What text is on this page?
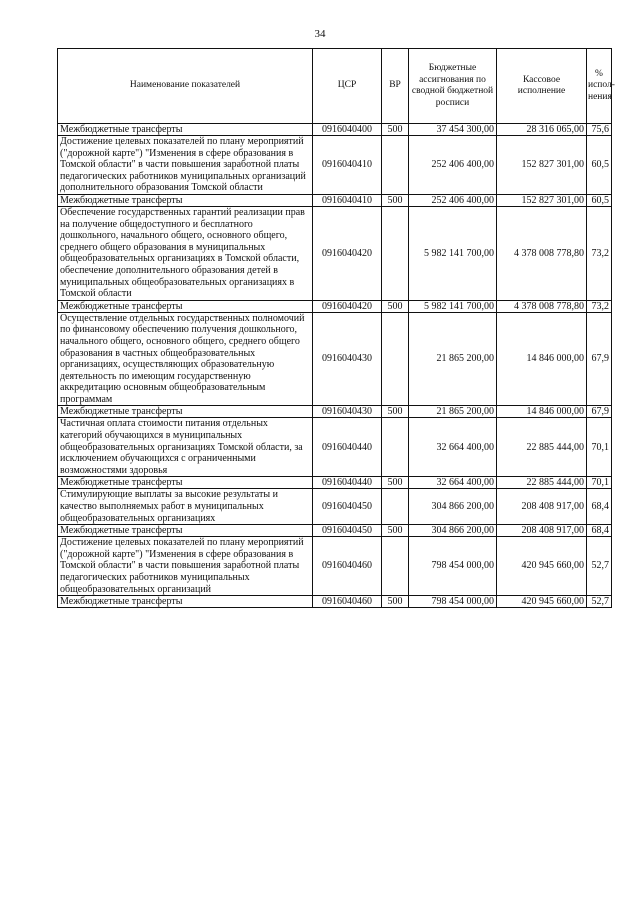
34
Наименование показателей	ЦСР	ВР	Бюджетные ассигнования по сводной бюджетной росписи	Кассовое исполнение	% испол-нения
Межбюджетные трансферты	0916040400	500	37 454 300,00	28 316 065,00	75,6
Достижение целевых показателей по плану мероприятий ("дорожной карте") "Изменения в сфере образования в Томской области" в части повышения заработной платы педагогических работников муниципальных организаций дополнительного образования Томской области	0916040410		252 406 400,00	152 827 301,00	60,5
Межбюджетные трансферты	0916040410	500	252 406 400,00	152 827 301,00	60,5
Обеспечение государственных гарантий реализации прав на получение общедоступного и бесплатного дошкольного, начального общего, основного общего, среднего общего образования в муниципальных общеобразовательных организациях в Томской области, обеспечение дополнительного образования детей в муниципальных общеобразовательных организациях в Томской области	0916040420		5 982 141 700,00	4 378 008 778,80	73,2
Межбюджетные трансферты	0916040420	500	5 982 141 700,00	4 378 008 778,80	73,2
Осуществление отдельных государственных полномочий по финансовому обеспечению получения дошкольного, начального общего, основного общего, среднего общего образования в частных общеобразовательных организациях, осуществляющих образовательную деятельность по имеющим государственную аккредитацию основным общеобразовательным программам	0916040430		21 865 200,00	14 846 000,00	67,9
Межбюджетные трансферты	0916040430	500	21 865 200,00	14 846 000,00	67,9
Частичная оплата стоимости питания отдельных категорий обучающихся в муниципальных общеобразовательных организациях Томской области, за исключением обучающихся с ограниченными возможностями здоровья	0916040440		32 664 400,00	22 885 444,00	70,1
Межбюджетные трансферты	0916040440	500	32 664 400,00	22 885 444,00	70,1
Стимулирующие выплаты за высокие результаты и качество выполняемых работ в муниципальных общеобразовательных организациях	0916040450		304 866 200,00	208 408 917,00	68,4
Межбюджетные трансферты	0916040450	500	304 866 200,00	208 408 917,00	68,4
Достижение целевых показателей по плану мероприятий ("дорожной карте") "Изменения в сфере образования в Томской области" в части повышения заработной платы педагогических работников муниципальных общеобразовательных организаций	0916040460		798 454 000,00	420 945 660,00	52,7
Межбюджетные трансферты	0916040460	500	798 454 000,00	420 945 660,00	52,7
